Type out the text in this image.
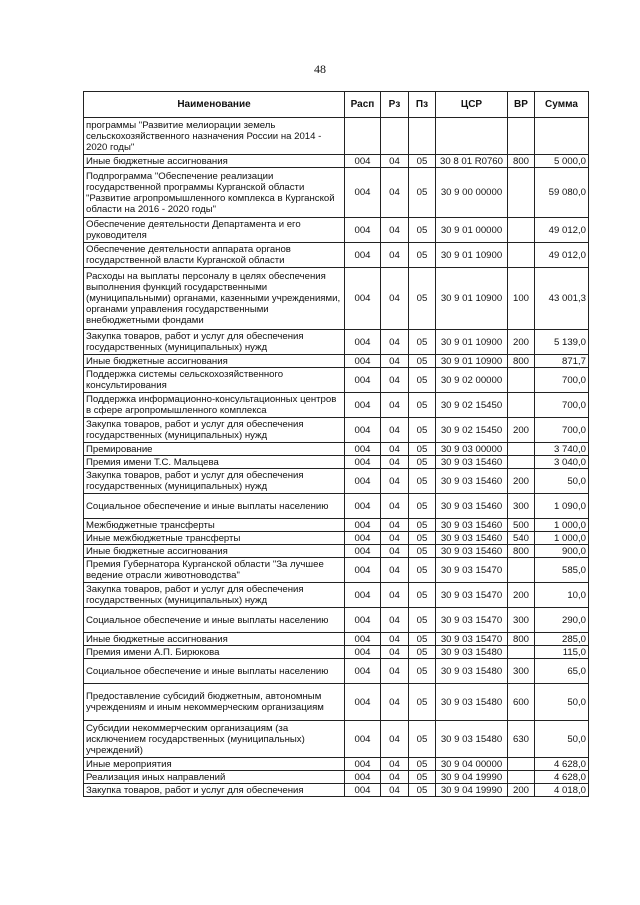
48
Наименование	Расп	Рз	Пз	ЦСР	ВР	Сумма
программы "Развитие мелиорации земель сельскохозяйственного назначения России на 2014 - 2020 годы"						
Иные бюджетные ассигнования	004	04	05	30 8 01 R0760	800	5 000,0
Подпрограмма "Обеспечение реализации государственной программы Курганской области "Развитие агропромышленного комплекса в Курганской области на 2016 - 2020 годы"	004	04	05	30 9 00 00000		59 080,0
Обеспечение деятельности Департамента и его руководителя	004	04	05	30 9 01 00000		49 012,0
Обеспечение деятельности аппарата органов государственной власти Курганской области	004	04	05	30 9 01 10900		49 012,0
Расходы на выплаты персоналу в целях обеспечения выполнения функций государственными (муниципальными) органами, казенными учреждениями, органами управления государственными внебюджетными фондами	004	04	05	30 9 01 10900	100	43 001,3
Закупка товаров, работ и услуг для обеспечения государственных (муниципальных) нужд	004	04	05	30 9 01 10900	200	5 139,0
Иные бюджетные ассигнования	004	04	05	30 9 01 10900	800	871,7
Поддержка системы сельскохозяйственного консультирования	004	04	05	30 9 02 00000		700,0
Поддержка информационно-консультационных центров в сфере агропромышленного комплекса	004	04	05	30 9 02 15450		700,0
Закупка товаров, работ и услуг для обеспечения государственных (муниципальных) нужд	004	04	05	30 9 02 15450	200	700,0
Премирование	004	04	05	30 9 03 00000		3 740,0
Премия имени Т.С. Мальцева	004	04	05	30 9 03 15460		3 040,0
Закупка товаров, работ и услуг для обеспечения государственных (муниципальных) нужд	004	04	05	30 9 03 15460	200	50,0
Социальное обеспечение и иные выплаты населению	004	04	05	30 9 03 15460	300	1 090,0
Межбюджетные трансферты	004	04	05	30 9 03 15460	500	1 000,0
Иные межбюджетные трансферты	004	04	05	30 9 03 15460	540	1 000,0
Иные бюджетные ассигнования	004	04	05	30 9 03 15460	800	900,0
Премия Губернатора Курганской области "За лучшее ведение отрасли животноводства"	004	04	05	30 9 03 15470		585,0
Закупка товаров, работ и услуг для обеспечения государственных (муниципальных) нужд	004	04	05	30 9 03 15470	200	10,0
Социальное обеспечение и иные выплаты населению	004	04	05	30 9 03 15470	300	290,0
Иные бюджетные ассигнования	004	04	05	30 9 03 15470	800	285,0
Премия имени А.П. Бирюкова	004	04	05	30 9 03 15480		115,0
Социальное обеспечение и иные выплаты населению	004	04	05	30 9 03 15480	300	65,0
Предоставление субсидий бюджетным, автономным учреждениям и иным некоммерческим организациям	004	04	05	30 9 03 15480	600	50,0
Субсидии некоммерческим организациям (за исключением государственных (муниципальных) учреждений)	004	04	05	30 9 03 15480	630	50,0
Иные мероприятия	004	04	05	30 9 04 00000		4 628,0
Реализация иных направлений	004	04	05	30 9 04 19990		4 628,0
Закупка товаров, работ и услуг для обеспечения	004	04	05	30 9 04 19990	200	4 018,0
